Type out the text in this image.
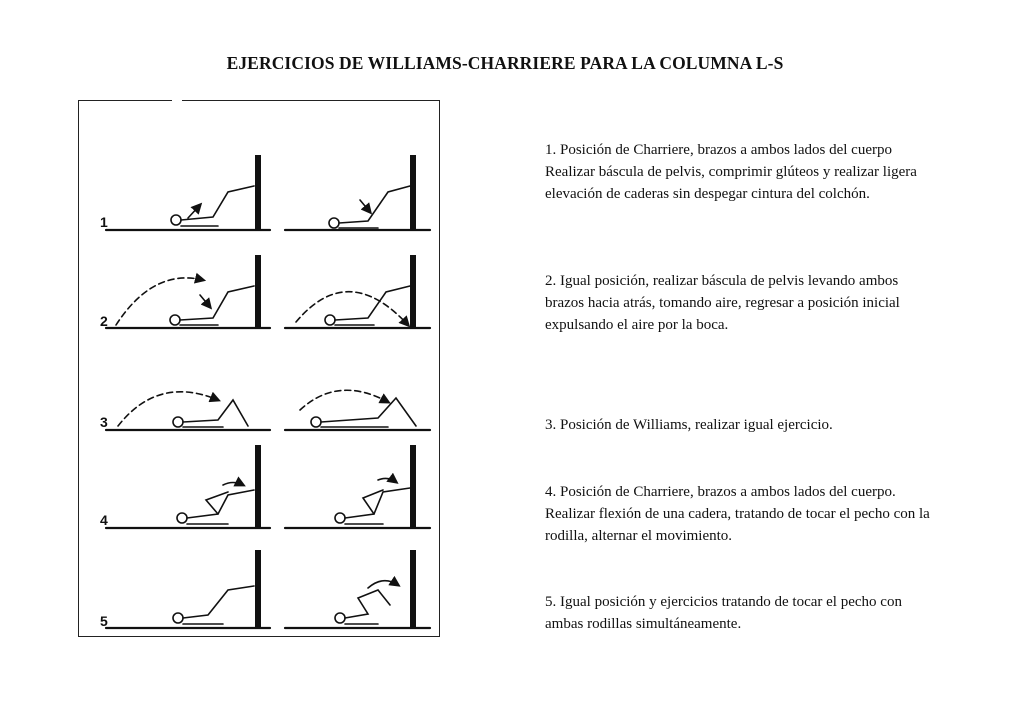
EJERCICIOS DE WILLIAMS-CHARRIERE PARA LA COLUMNA L-S
1
2
3
4
5
1. Posición de Charriere, brazos a ambos lados del cuerpo Realizar báscula de pelvis, comprimir glúteos y realizar ligera elevación de caderas sin despegar cintura del colchón.
2. Igual posición, realizar báscula de pelvis levando ambos brazos hacia atrás, tomando aire, regresar a posición inicial expulsando el aire por la boca.
3. Posición de Williams, realizar igual ejercicio.
4. Posición de Charriere, brazos a ambos lados del cuerpo. Realizar flexión de una cadera, tratando de tocar el pecho con la rodilla, alternar el movimiento.
5. Igual posición y ejercicios tratando de tocar el pecho con ambas rodillas simultáneamente.
